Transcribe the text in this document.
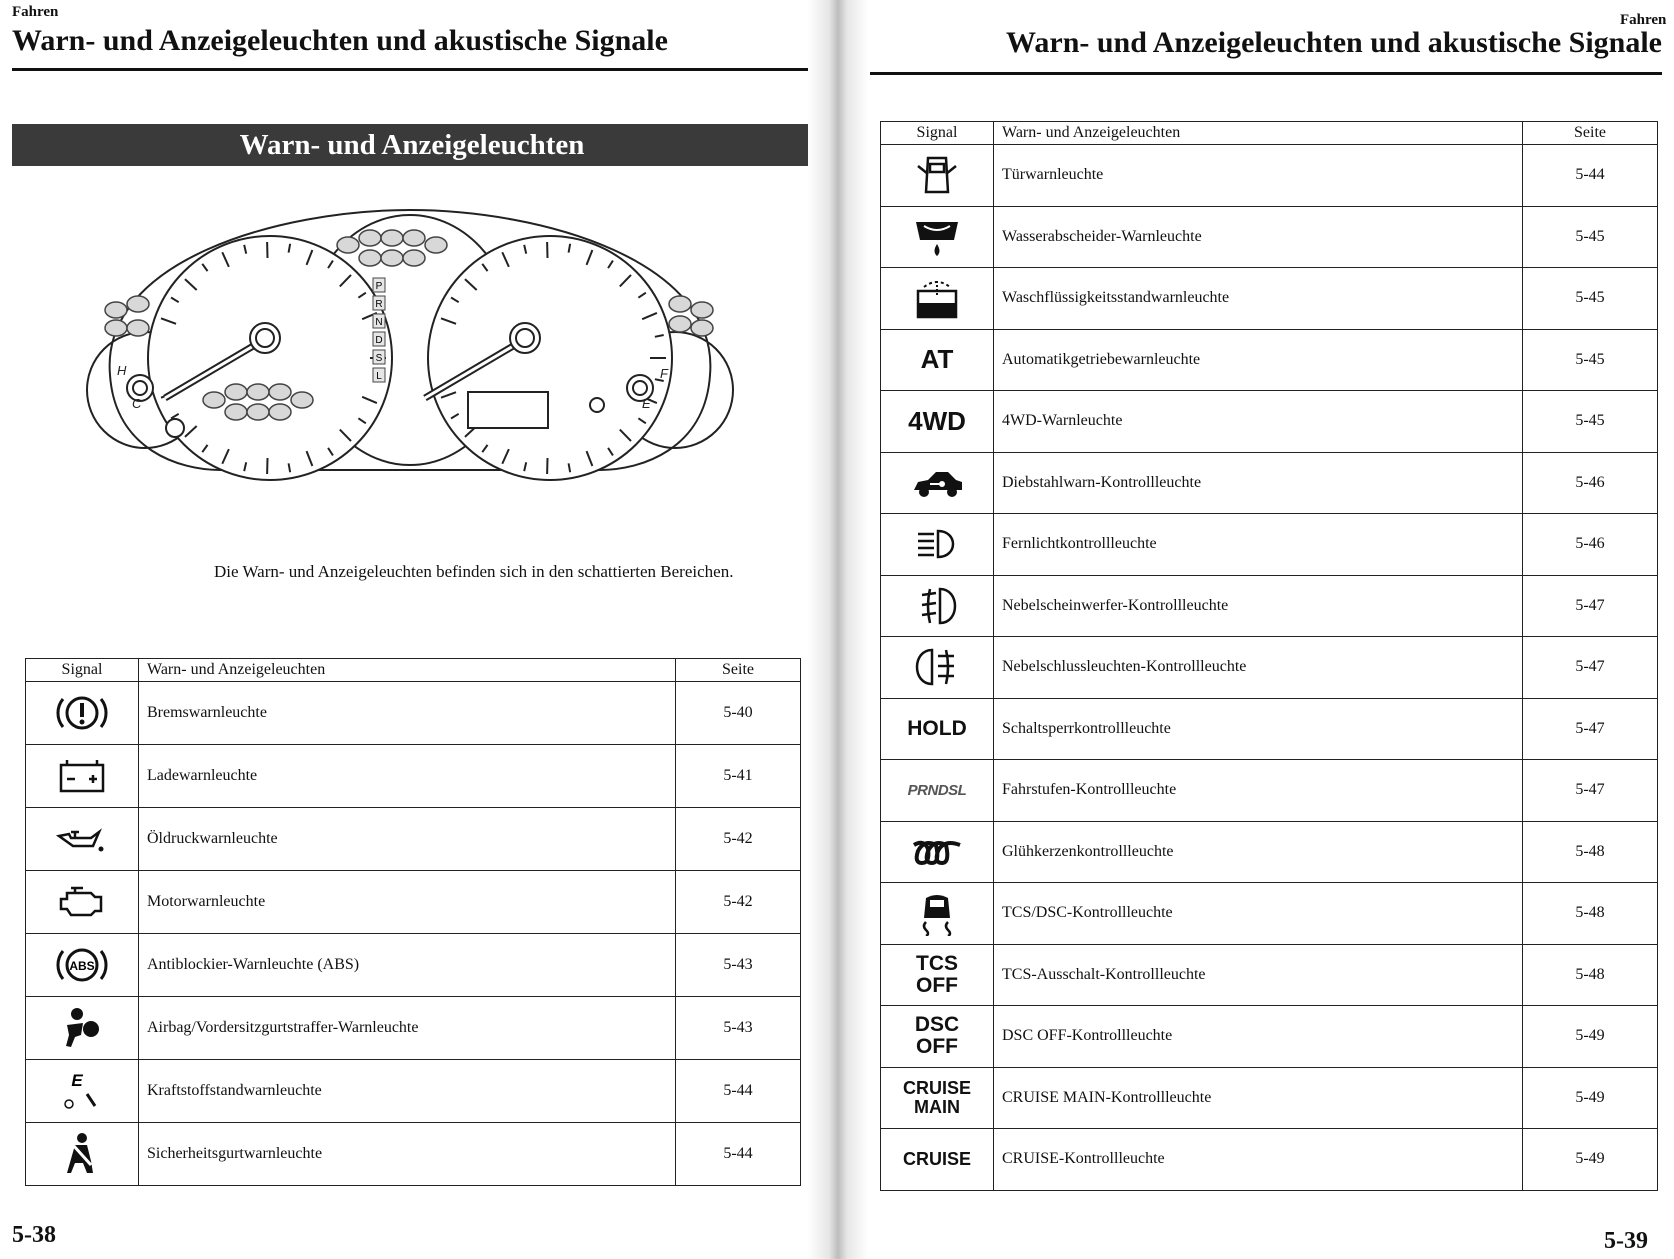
Fahren
Warn- und Anzeigeleuchten und akustische Signale
Warn- und Anzeigeleuchten
P
R
N
D
S
L
H
C
F
E
Die Warn- und Anzeigeleuchten befinden sich in den schattierten Bereichen.
Signal	Warn- und Anzeigeleuchten	Seite

	Bremswarnleuchte	5-40

	Ladewarnleuchte	5-41

	Öldruckwarnleuchte	5-42

	Motorwarnleuchte	5-42

ABS	Antiblockier-Warnleuchte (ABS)	5-43

	Airbag/Vordersitzgurtstraffer-Warnleuchte	5-43

E	Kraftstoffstandwarnleuchte	5-44

	Sicherheitsgurtwarnleuchte	5-44
5-38
Fahren
Warn- und Anzeigeleuchten und akustische Signale
Signal	Warn- und Anzeigeleuchten	Seite

	Türwarnleuchte	5-44

	Wasserabscheider-Warnleuchte	5-45

	Waschflüssigkeitsstandwarnleuchte	5-45
AT	Automatikgetriebewarnleuchte	5-45
4WD	4WD-Warnleuchte	5-45

	Diebstahlwarn-Kontrollleuchte	5-46

	Fernlichtkontrollleuchte	5-46

	Nebelscheinwerfer-Kontrollleuchte	5-47

	Nebelschlussleuchten-Kontrollleuchte	5-47
HOLD	Schaltsperrkontrollleuchte	5-47
PRNDSL	Fahrstufen-Kontrollleuchte	5-47

	Glühkerzenkontrollleuchte	5-48

	TCS/DSC-Kontrollleuchte	5-48

TCS
OFF	TCS-Ausschalt-Kontrollleuchte	5-48

DSC
OFF	DSC OFF-Kontrollleuchte	5-49

CRUISE
MAIN	CRUISE MAIN-Kontrollleuchte	5-49
CRUISE	CRUISE-Kontrollleuchte	5-49
5-39
